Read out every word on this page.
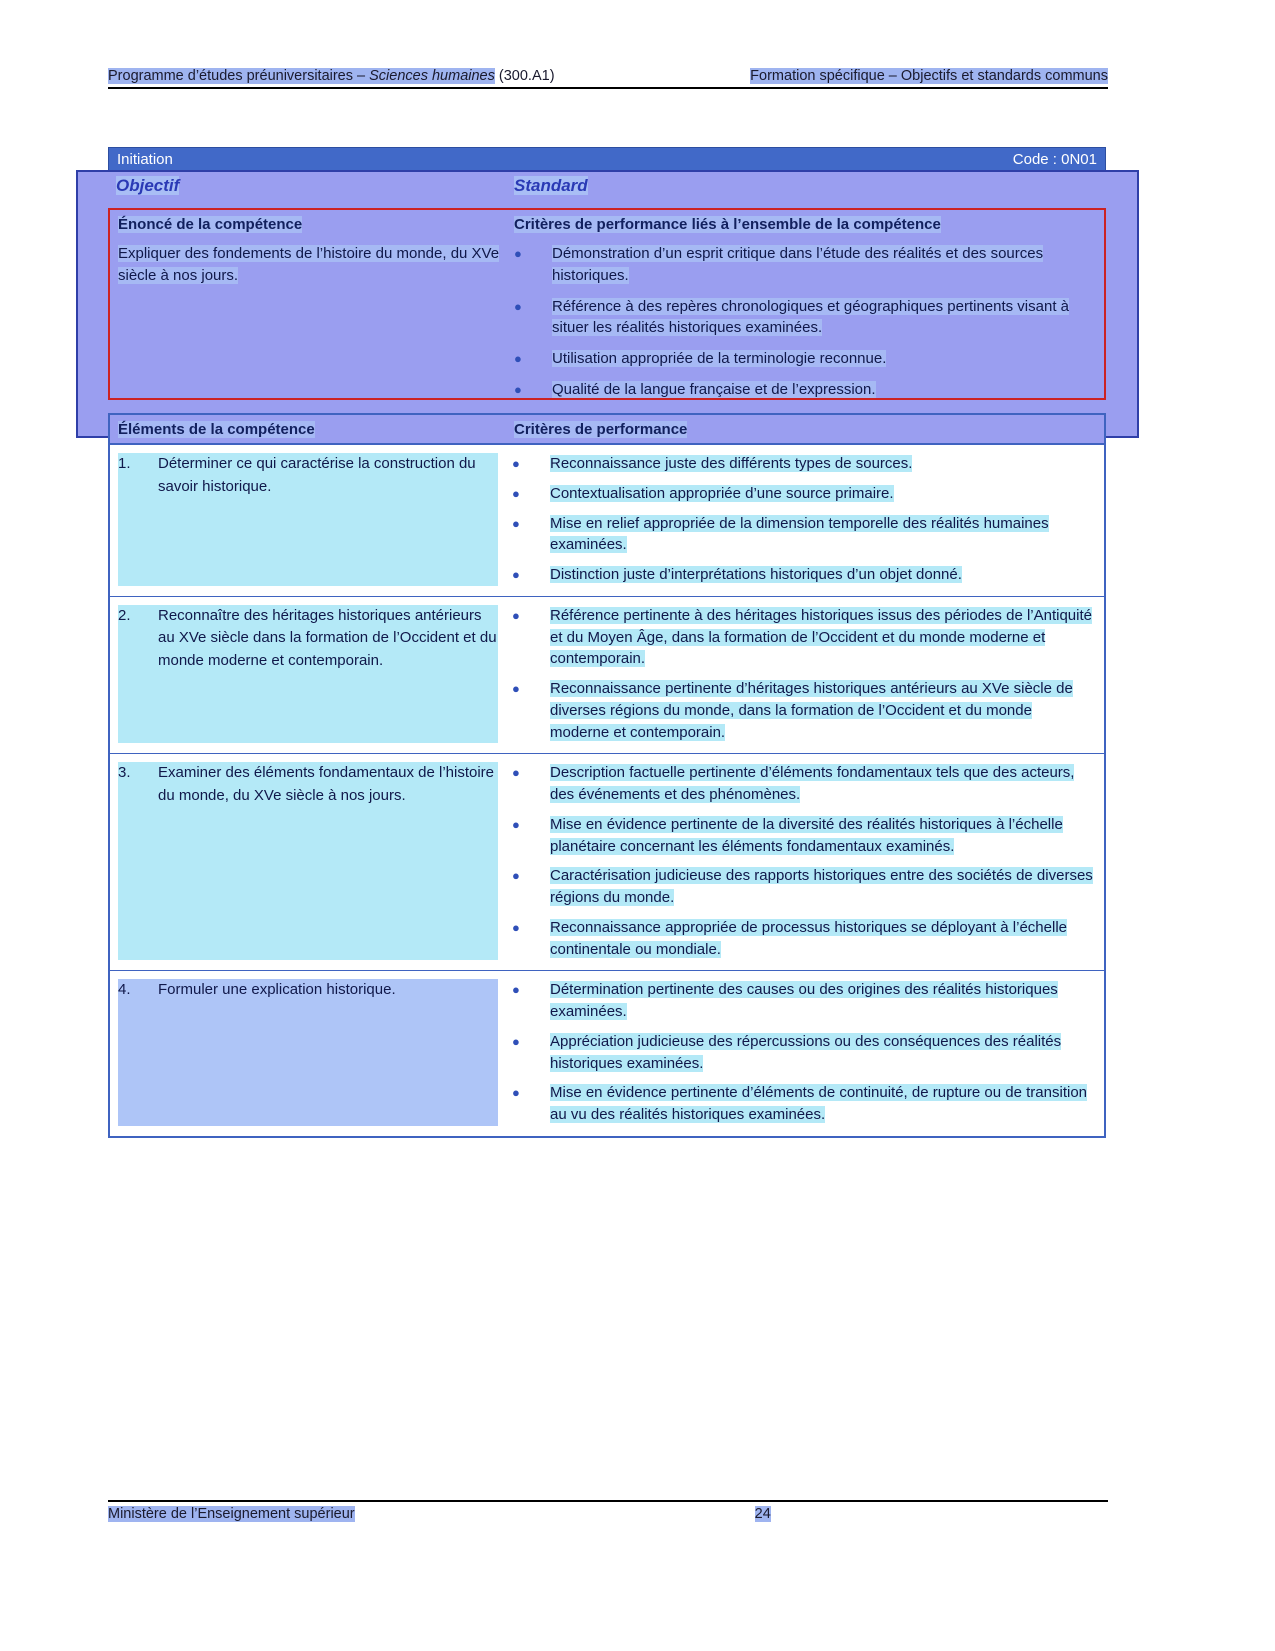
Programme d’études préuniversitaires – Sciences humaines (300.A1)	Formation spécifique – Objectifs et standards communs
Initiation	Code : 0N01
Objectif	Standard
Énoncé de la compétence	Critères de performance liés à l’ensemble de la compétence
Expliquer des fondements de l’histoire du monde, du XVe siècle à nos jours.
●	Démonstration d’un esprit critique dans l’étude des réalités et des sources historiques.
●	Référence à des repères chronologiques et géographiques pertinents visant à situer les réalités historiques examinées.
●	Utilisation appropriée de la terminologie reconnue.
●	Qualité de la langue française et de l’expression.
Éléments de la compétence	Critères de performance
1.	Déterminer ce qui caractérise la construction du savoir historique.
●	Reconnaissance juste des différents types de sources.
●	Contextualisation appropriée d’une source primaire.
●	Mise en relief appropriée de la dimension temporelle des réalités humaines examinées.
●	Distinction juste d’interprétations historiques d’un objet donné.
2.	Reconnaître des héritages historiques antérieurs au XVe siècle dans la formation de l’Occident et du monde moderne et contemporain.
●	Référence pertinente à des héritages historiques issus des périodes de l’Antiquité et du Moyen Âge, dans la formation de l’Occident et du monde moderne et contemporain.
●	Reconnaissance pertinente d’héritages historiques antérieurs au XVe siècle de diverses régions du monde, dans la formation de l’Occident et du monde moderne et contemporain.
3.	Examiner des éléments fondamentaux de l’histoire du monde, du XVe siècle à nos jours.
●	Description factuelle pertinente d’éléments fondamentaux tels que des acteurs, des événements et des phénomènes.
●	Mise en évidence pertinente de la diversité des réalités historiques à l’échelle planétaire concernant les éléments fondamentaux examinés.
●	Caractérisation judicieuse des rapports historiques entre des sociétés de diverses régions du monde.
●	Reconnaissance appropriée de processus historiques se déployant à l’échelle continentale ou mondiale.
4.	Formuler une explication historique.	●	Détermination pertinente des causes ou des origines des réalités historiques examinées.
●	Appréciation judicieuse des répercussions ou des conséquences des réalités historiques examinées.
●	Mise en évidence pertinente d’éléments de continuité, de rupture ou de transition au vu des réalités historiques examinées.
Ministère de l’Enseignement supérieur	24
